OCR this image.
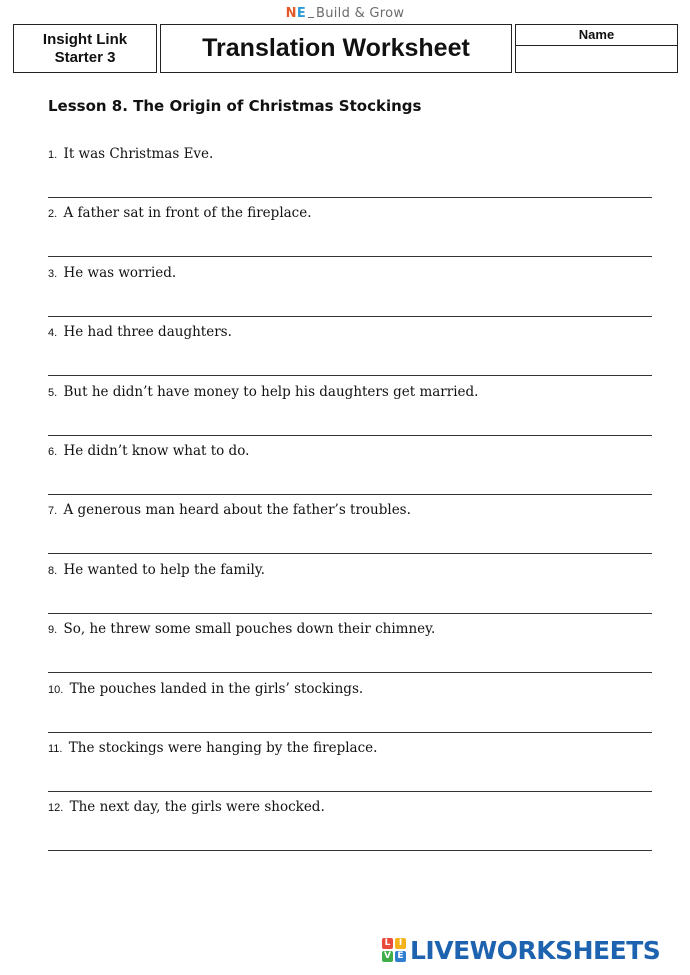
NE Build & Grow
Insight Link
Starter 3	Translation Worksheet	Name
Lesson 8. The Origin of Christmas Stockings
1. It was Christmas Eve.
2. A father sat in front of the fireplace.
3. He was worried.
4. He had three daughters.
5. But he didn’t have money to help his daughters get married.
6. He didn’t know what to do.
7. A generous man heard about the father’s troubles.
8. He wanted to help the family.
9. So, he threw some small pouches down their chimney.
10. The pouches landed in the girls’ stockings.
11. The stockings were hanging by the fireplace.
12. The next day, the girls were shocked.
L I
V E LIVEWORKSHEETS
